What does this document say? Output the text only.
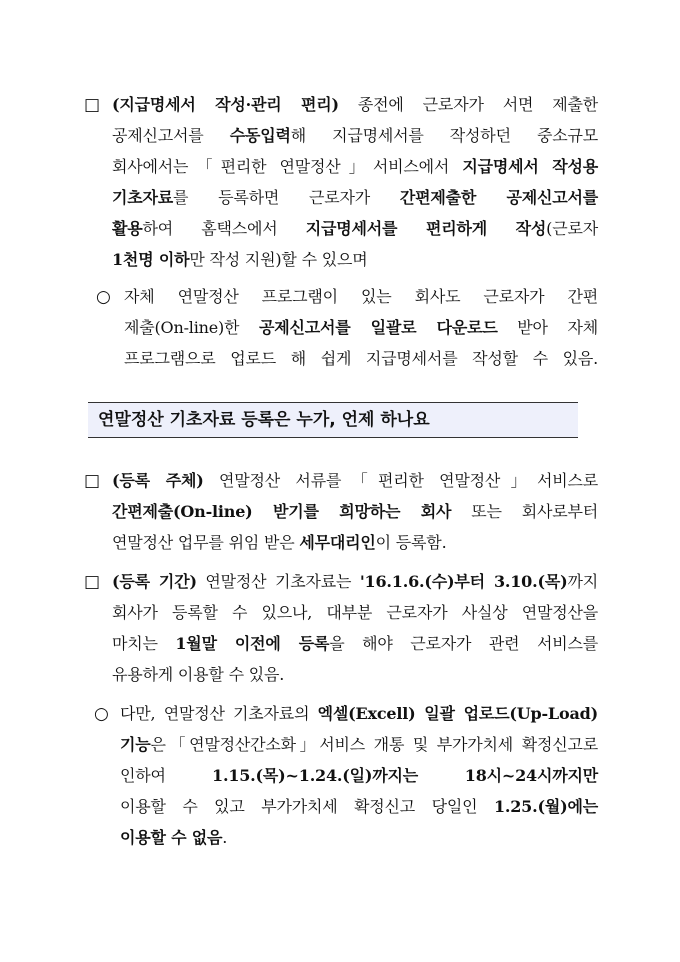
□ (지급명세서 작성·관리 편리) 종전에 근로자가 서면 제출한
공제신고서를 수동입력해 지급명세서를 작성하던 중소규모
회사에서는「편리한 연말정산」서비스에서 지급명세서 작성용
기초자료를 등록하면 근로자가 간편제출한 공제신고서를
활용하여 홈택스에서 지급명세서를 편리하게 작성(근로자
1천명 이하만 작성 지원)할 수 있으며
○ 자체 연말정산 프로그램이 있는 회사도 근로자가 간편
제출(On-line)한 공제신고서를 일괄로 다운로드 받아 자체
프로그램으로 업로드 해 쉽게 지급명세서를 작성할 수 있음.
연말정산 기초자료 등록은 누가, 언제 하나요
□ (등록 주체) 연말정산 서류를「편리한 연말정산」서비스로
간편제출(On-line) 받기를 희망하는 회사 또는 회사로부터
연말정산 업무를 위임 받은 세무대리인이 등록함.
□ (등록 기간) 연말정산 기초자료는 '16.1.6.(수)부터 3.10.(목)까지
회사가 등록할 수 있으나, 대부분 근로자가 사실상 연말정산을
마치는 1월말 이전에 등록을 해야 근로자가 관련 서비스를
유용하게 이용할 수 있음.
○ 다만, 연말정산 기초자료의 엑셀(Excell) 일괄 업로드(Up-Load)
기능은「연말정산간소화」서비스 개통 및 부가가치세 확정신고로
인하여 1.15.(목)~1.24.(일)까지는 18시~24시까지만
이용할 수 있고 부가가치세 확정신고 당일인 1.25.(월)에는
이용할 수 없음.
